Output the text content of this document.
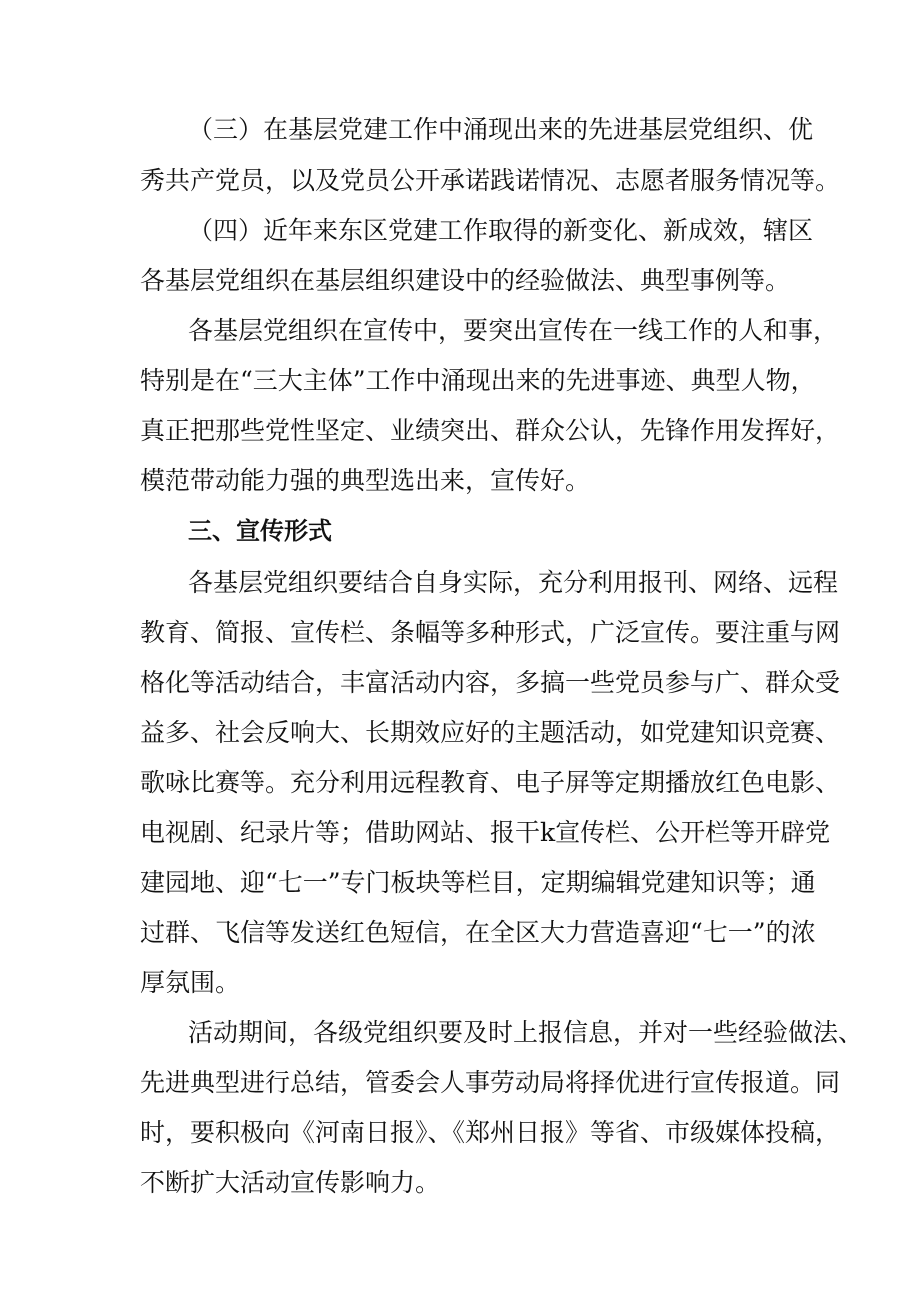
（三）在基层党建工作中涌现出来的先进基层党组织、优
秀共产党员，以及党员公开承诺践诺情况、志愿者服务情况等。
（四）近年来东区党建工作取得的新变化、新成效，辖区
各基层党组织在基层组织建设中的经验做法、典型事例等。
各基层党组织在宣传中，要突出宣传在一线工作的人和事，
特别是在“三大主体”工作中涌现出来的先进事迹、典型人物，
真正把那些党性坚定、业绩突出、群众公认，先锋作用发挥好，
模范带动能力强的典型选出来，宣传好。
三、宣传形式
各基层党组织要结合自身实际，充分利用报刊、网络、远程
教育、简报、宣传栏、条幅等多种形式，广泛宣传。要注重与网
格化等活动结合，丰富活动内容，多搞一些党员参与广、群众受
益多、社会反响大、长期效应好的主题活动，如党建知识竞赛、
歌咏比赛等。充分利用远程教育、电子屏等定期播放红色电影、
电视剧、纪录片等；借助网站、报干k宣传栏、公开栏等开辟党
建园地、迎“七一”专门板块等栏目，定期编辑党建知识等；通
过群、飞信等发送红色短信，在全区大力营造喜迎“七一”的浓
厚氛围。
活动期间，各级党组织要及时上报信息，并对一些经验做法、
先进典型进行总结，管委会人事劳动局将择优进行宣传报道。同
时，要积极向《河南日报》、《郑州日报》等省、市级媒体投稿，
不断扩大活动宣传影响力。
